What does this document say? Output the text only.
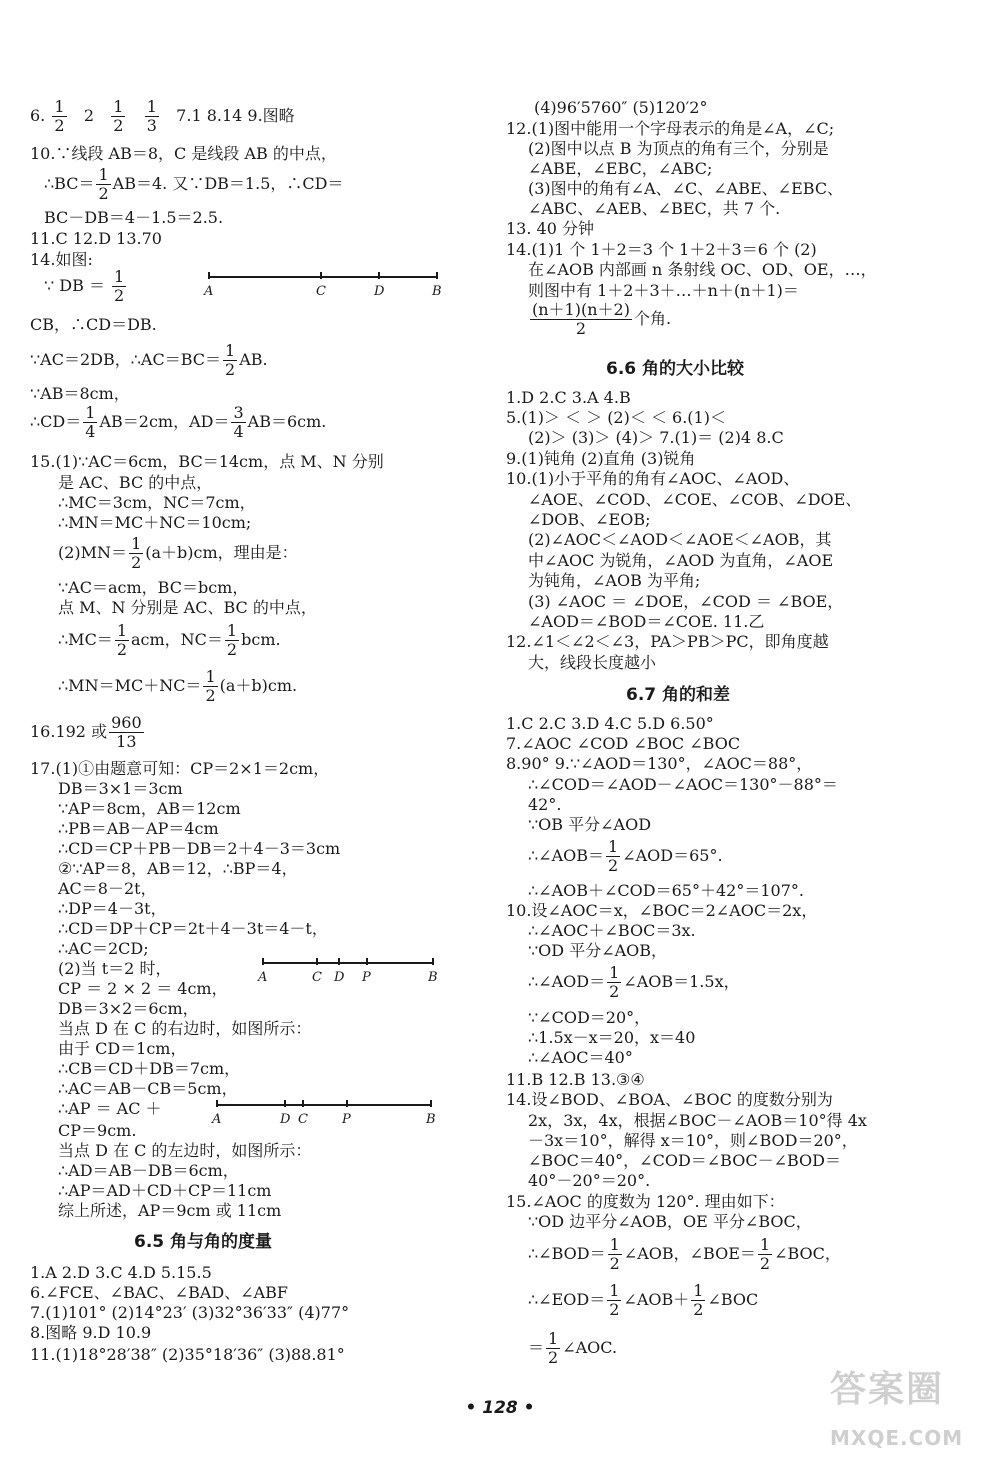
6. $\frac{1}{2} 2 \frac{1}{2}$
$\frac{1}{3} 7.1$ 8.14 9.图略
10.∵线段 AB＝8，C 是线段 AB 的中点，
∴BC＝ $\frac{1}{2} AB=4$. 又∵DB＝1.5，∴CD＝
BC－DB＝4－1.5＝2.5.
11.C 12.D 13.70
14.如图:
∵ DB ＝ $\frac{1}{2}$	A	C	D	B
CB，∴CD＝DB.
∵AC＝2DB，∴AC＝BC＝ $\frac{1}{2}$ AB.
∵AB＝8cm，
∴CD＝ $\frac{1}{4} AB=2cm$，$AD= \frac{3}{4} AB=6cm$.
15.(1)∵AC＝6cm，BC＝14cm，点 M、N 分别
是 AC、BC 的中点，
∴MC＝3cm，NC＝7cm，
∴MN＝MC＋NC＝10cm;
$(2)MN= \frac{1}{2} (a+b)cm$，理由是：
∵AC＝acm，BC＝bcm，
点 M、N 分别是 AC、BC 的中点，
∴MC＝ $\frac{1}{2}$ acm，$NC= \frac{1}{2}$ bcm.
∴MN＝MC＋NC＝ $\frac{1}{2} (a+b)cm$.
16.192 或 $\frac{960}{13}$
17.(1)①由题意可知：CP＝2×1＝2cm，
DB＝3×1＝3cm
∵AP＝8cm，AB＝12cm
∴PB＝AB－AP＝4cm
∴CD＝CP＋PB－DB＝2＋4－3＝3cm
②∵AP＝8，AB＝12，∴BP＝4，
AC＝8－2t，
∴DP＝4－3t，
∴CD＝DP＋CP＝2t＋4－3t＝4－t，
∴AC＝2CD;
(2)当 t＝2 时，	A	C D P	B
CP ＝ 2 × 2 ＝ 4cm，
DB＝3×2＝6cm，
当点 D 在 C 的右边时，如图所示：
由于 CD＝1cm，
∴CB＝CD＋DB＝7cm，
∴AC＝AB－CB＝5cm，
∴AP ＝ AC ＋
A	D C	P	B
CP＝9cm.
当点 D 在 C 的左边时，如图所示：
∴AD＝AB－DB＝6cm，
∴AP＝AD＋CD＋CP＝11cm
综上所述，AP＝9cm 或 11cm
6.5 角与角的度量
1.A 2.D 3.C 4.D 5.15.5
6.∠FCE、∠BAC、∠BAD、∠ABF
7.(1)101° (2)14°23′ (3)32°36′33″ (4)77°
8.图略 9.D 10.9
11.(1)18°28′38″ (2)35°18′36″ (3)88.81°
(4)96′5760″ (5)120′2°
12.(1)图中能用一个字母表示的角是∠A，∠C;
(2)图中以点 B 为顶点的角有三个，分别是
∠ABE，∠EBC，∠ABC;
(3)图中的角有∠A、∠C、∠ABE、∠EBC、
∠ABC、∠AEB、∠BEC，共 7 个.
13. 40 分钟
14.(1)1 个 1＋2＝3 个 1＋2＋3＝6 个 (2)
在∠AOB 内部画 n 条射线 OC、OD、OE，…，
则图中有 1＋2＋3＋…＋n＋(n＋1)＝
$\frac{(n+1)(n+2)}{2}$ 个角.
6.6 角的大小比较
1.D 2.C 3.A 4.B
5.(1)＞ ＜ ＞ (2)＜ ＜ 6.(1)＜
(2)＞ (3)＞ (4)＞ 7.(1)＝ (2)4 8.C
9.(1)钝角 (2)直角 (3)锐角
10.(1)小于平角的角有∠AOC、∠AOD、
∠AOE、∠COD、∠COE、∠COB、∠DOE、
∠DOB、∠EOB;
(2)∠AOC＜∠AOD＜∠AOE＜∠AOB，其
中∠AOC 为锐角，∠AOD 为直角，∠AOE
为钝角，∠AOB 为平角;
(3) ∠AOC ＝ ∠DOE，∠COD ＝ ∠BOE，
∠AOD＝∠BOD＝∠COE. 11.乙
12.∠1＜∠2＜∠3，PA＞PB＞PC，即角度越
大，线段长度越小
6.7 角的和差
1.C 2.C 3.D 4.C 5.D 6.50°
7.∠AOC ∠COD ∠BOC ∠BOC
8.90° 9.∵∠AOD＝130°，∠AOC＝88°，
∴∠COD＝∠AOD－∠AOC＝130°－88°＝
42°.
∵OB 平分∠AOD
∴∠AOB＝ $\frac{1}{2}$ ∠AOD＝65°.
∴∠AOB＋∠COD＝65°＋42°＝107°.
10.设∠AOC＝x，∠BOC＝2∠AOC＝2x，
∴∠AOC＋∠BOC＝3x.
∵OD 平分∠AOB，
∴∠AOD＝ $\frac{1}{2}$ ∠AOB＝1.5x，
∵∠COD＝20°，
∴1.5x－x＝20，x＝40
∴∠AOC＝40°
11.B 12.B 13.③④
14.设∠BOD、∠BOA、∠BOC 的度数分别为
2x，3x，4x，根据∠BOC－∠AOB＝10°得 4x
－3x＝10°，解得 x＝10°，则∠BOD＝20°，
∠BOC＝40°，∠COD＝∠BOC－∠BOD＝
40°－20°＝20°.
15.∠AOC 的度数为 120°. 理由如下：
∵OD 边平分∠AOB，OE 平分∠BOC，
∴∠BOD＝ $\frac{1}{2}$ ∠AOB，∠BOE＝ $\frac{1}{2}$ ∠BOC，
∴∠EOD＝ $\frac{1}{2}$ ∠AOB＋ $\frac{1}{2}$ ∠BOC
＝ $\frac{1}{2}$ ∠AOC.
• 128 •	答案圈
MXQE.COM
